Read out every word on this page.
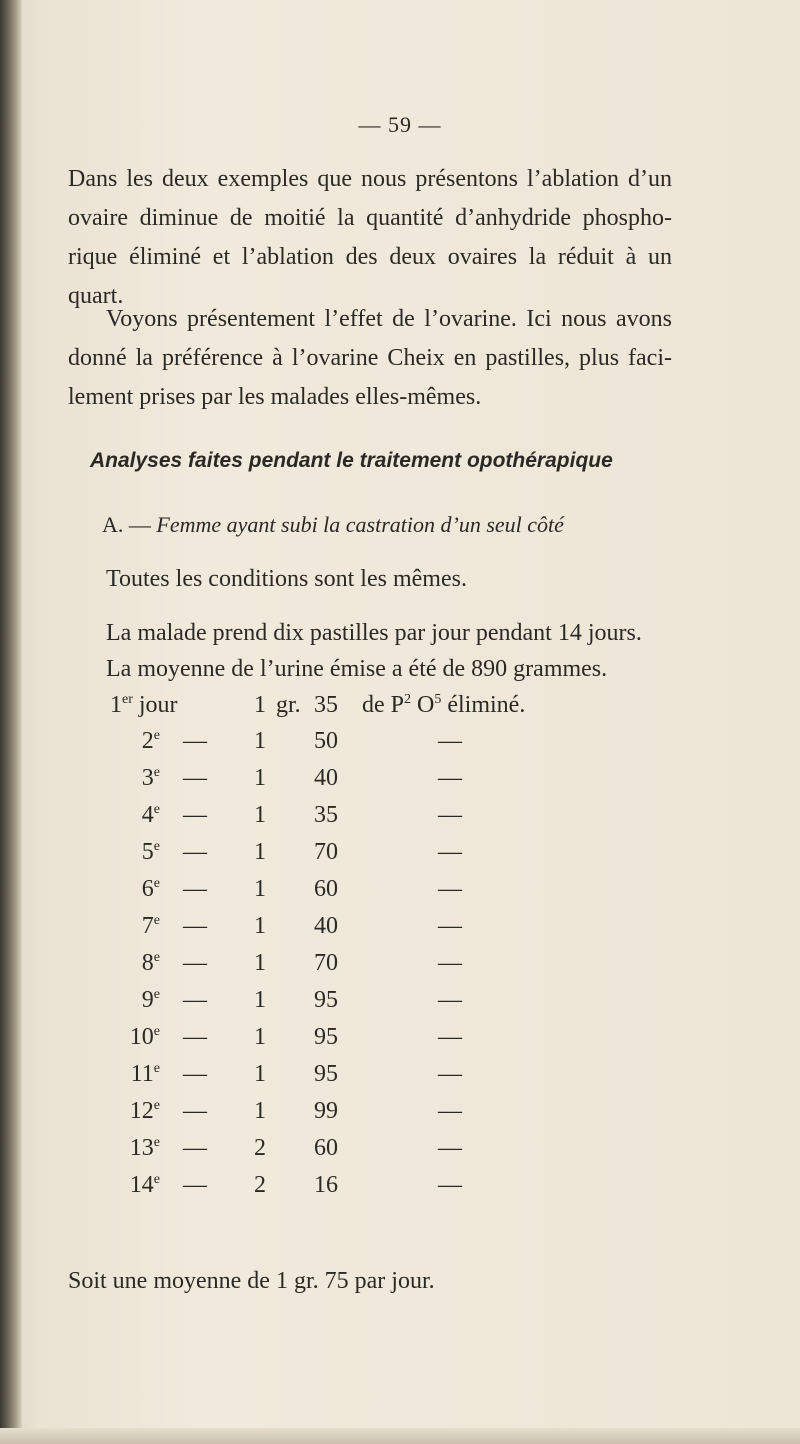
— 59 —
Dans les deux exemples que nous présentons l’ablation d’un
ovaire diminue de moitié la quantité d’anhydride phospho-
rique éliminé et l’ablation des deux ovaires la réduit à un
quart.
Voyons présentement l’effet de l’ovarine. Ici nous avons
donné la préférence à l’ovarine Cheix en pastilles, plus faci-
lement prises par les malades elles-mêmes.
Analyses faites pendant le traitement opothérapique
A. — Femme ayant subi la castration d’un seul côté
Toutes les conditions sont les mêmes.
La malade prend dix pastilles par jour pendant 14 jours.
La moyenne de l’urine émise a été de 890 grammes.
1er jour	1 gr. 35	de $P^2$ $O^5$ éliminé.
2e — 1 50	—
3e — 1 40	—
4e — 1 35	—
5e — 1 70	—
6e — 1 60	—
7e — 1 40	—
8e — 1 70	—
9e — 1 95	—
10e — 1 95	—
11e — 1 95	—
12e — 1 99	—
13e — 2 60	—
14e — 2 16	—
Soit une moyenne de 1 gr. 75 par jour.
